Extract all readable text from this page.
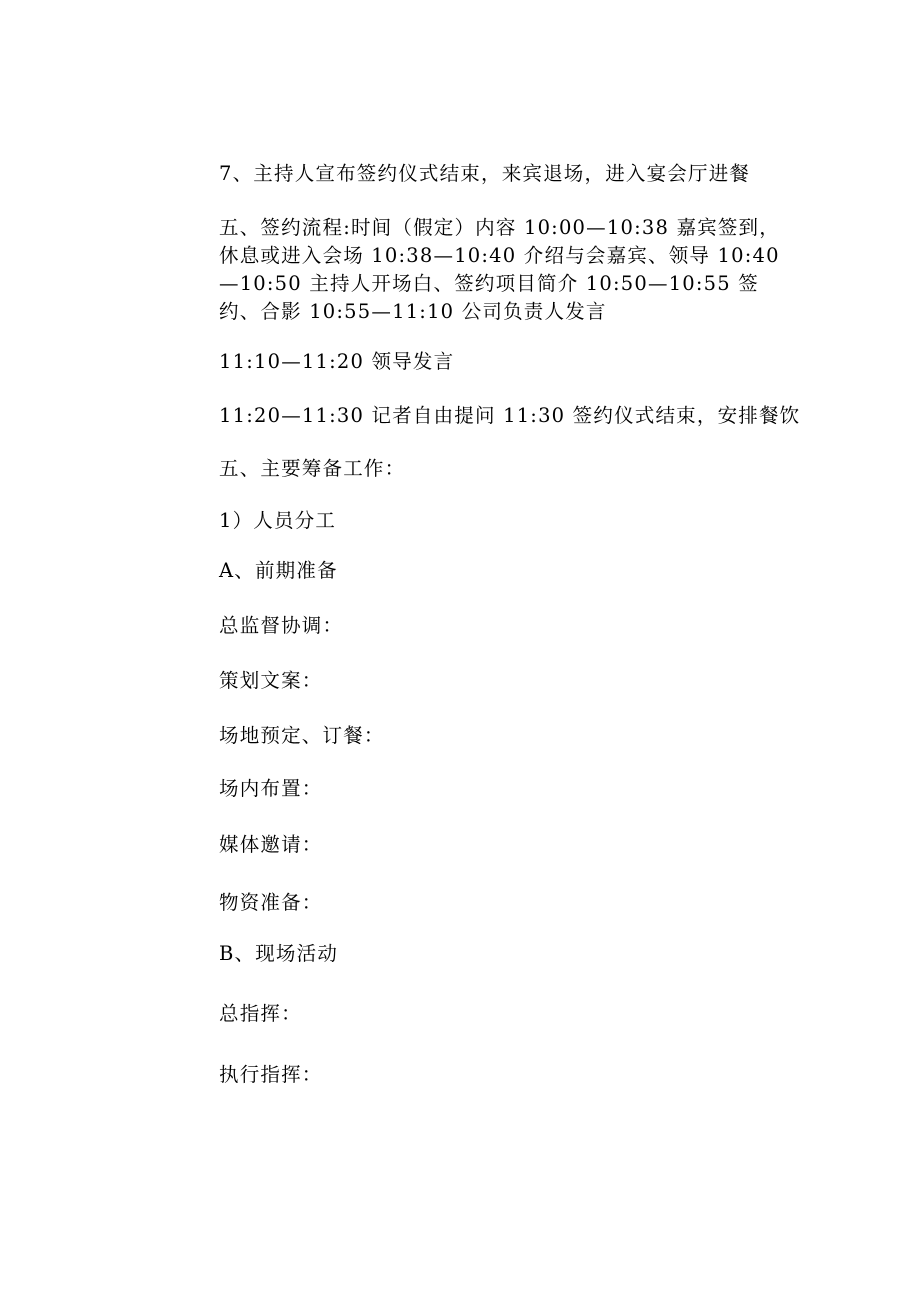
7、主持人宣布签约仪式结束，来宾退场，进入宴会厅进餐

五、签约流程:时间（假定）内容 10:00—10:38 嘉宾签到，休息或进入会场 10:38—10:40 介绍与会嘉宾、领导 10:40—10:50 主持人开场白、签约项目简介 10:50—10:55 签约、合影 10:55—11:10 公司负责人发言

11:10—11:20 领导发言

11:20—11:30 记者自由提问 11:30 签约仪式结束，安排餐饮

五、主要筹备工作：

1）人员分工

A、前期准备

总监督协调：

策划文案：

场地预定、订餐：

场内布置：

媒体邀请：

物资准备：

B、现场活动

总指挥：

执行指挥：
